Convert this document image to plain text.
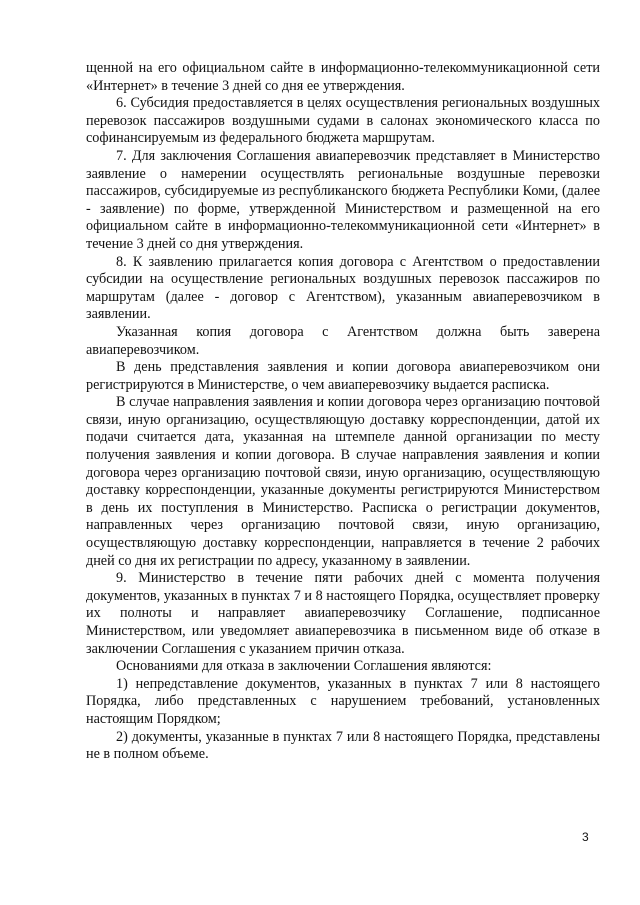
щенной на его официальном сайте в информационно-телекоммуникационной сети «Интернет» в течение 3 дней со дня ее утверждения.

6. Субсидия предоставляется в целях осуществления региональных воздушных перевозок пассажиров воздушными судами в салонах экономического класса по софинансируемым из федерального бюджета маршрутам.

7. Для заключения Соглашения авиаперевозчик представляет в Министерство заявление о намерении осуществлять региональные воздушные перевозки пассажиров, субсидируемые из республиканского бюджета Республики Коми, (далее - заявление) по форме, утвержденной Министерством и размещенной на его официальном сайте в информационно-телекоммуникационной сети «Интернет» в течение 3 дней со дня утверждения.

8. К заявлению прилагается копия договора с Агентством о предоставлении субсидии на осуществление региональных воздушных перевозок пассажиров по маршрутам (далее - договор с Агентством), указанным авиаперевозчиком в заявлении.

Указанная копия договора с Агентством должна быть заверена авиаперевозчиком.

В день представления заявления и копии договора авиаперевозчиком они регистрируются в Министерстве, о чем авиаперевозчику выдается расписка.

В случае направления заявления и копии договора через организацию почтовой связи, иную организацию, осуществляющую доставку корреспонденции, датой их подачи считается дата, указанная на штемпеле данной организации по месту получения заявления и копии договора. В случае направления заявления и копии договора через организацию почтовой связи, иную организацию, осуществляющую доставку корреспонденции, указанные документы регистрируются Министерством в день их поступления в Министерство. Расписка о регистрации документов, направленных через организацию почтовой связи, иную организацию, осуществляющую доставку корреспонденции, направляется в течение 2 рабочих дней со дня их регистрации по адресу, указанному в заявлении.

9. Министерство в течение пяти рабочих дней с момента получения документов, указанных в пунктах 7 и 8 настоящего Порядка, осуществляет проверку их полноты и направляет авиаперевозчику Соглашение, подписанное Министерством, или уведомляет авиаперевозчика в письменном виде об отказе в заключении Соглашения с указанием причин отказа.

Основаниями для отказа в заключении Соглашения являются:

1) непредставление документов, указанных в пунктах 7 или 8 настоящего Порядка, либо представленных с нарушением требований, установленных настоящим Порядком;

2) документы, указанные в пунктах 7 или 8 настоящего Порядка, представлены не в полном объеме.

3
